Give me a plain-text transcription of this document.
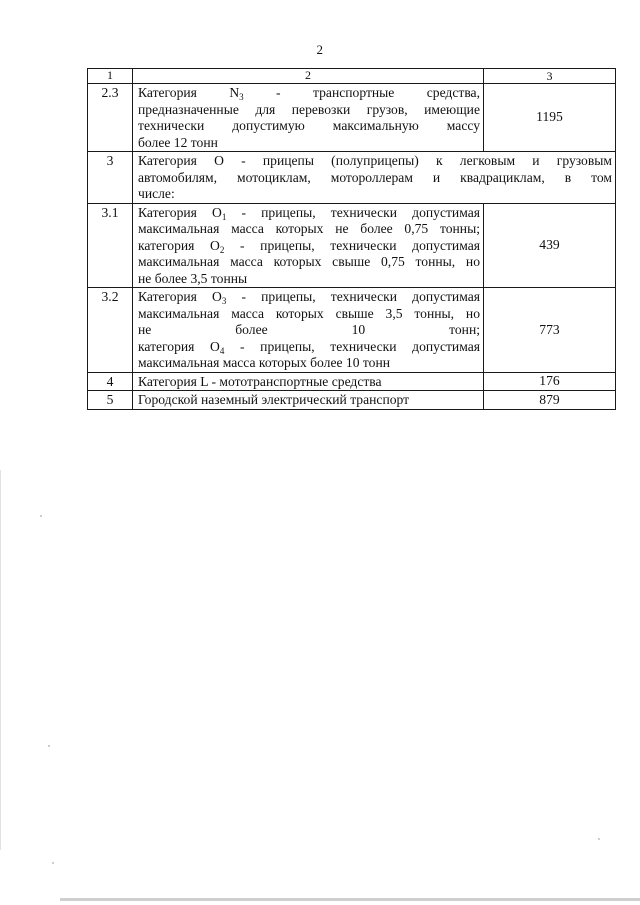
2
1	2	3
2.3	Категория $N_3$ - транспортные средства,
предназначенные для перевозки грузов, имеющие
технически допустимую максимальную массу
более 12 тонн	1195
3	Категория О - прицепы (полуприцепы) к легковым и грузовым
автомобилям, мотоциклам, мотороллерам и квадрациклам, в том
числе:	

3.1	Категория $О_1$ - прицепы, технически допустимая
максимальная масса которых не более 0,75 тонны;
категория $О_2$ - прицепы, технически допустимая
максимальная масса которых свыше 0,75 тонны, но
не более 3,5 тонны	439
3.2	Категория $О_3$ - прицепы, технически допустимая
максимальная масса которых свыше 3,5 тонны, но
не более 10 тонн;
категория $О_4$ - прицепы, технически допустимая
максимальная масса которых более 10 тонн	773
4	Категория L - мототранспортные средства	176
5	Городской наземный электрический транспорт	879
